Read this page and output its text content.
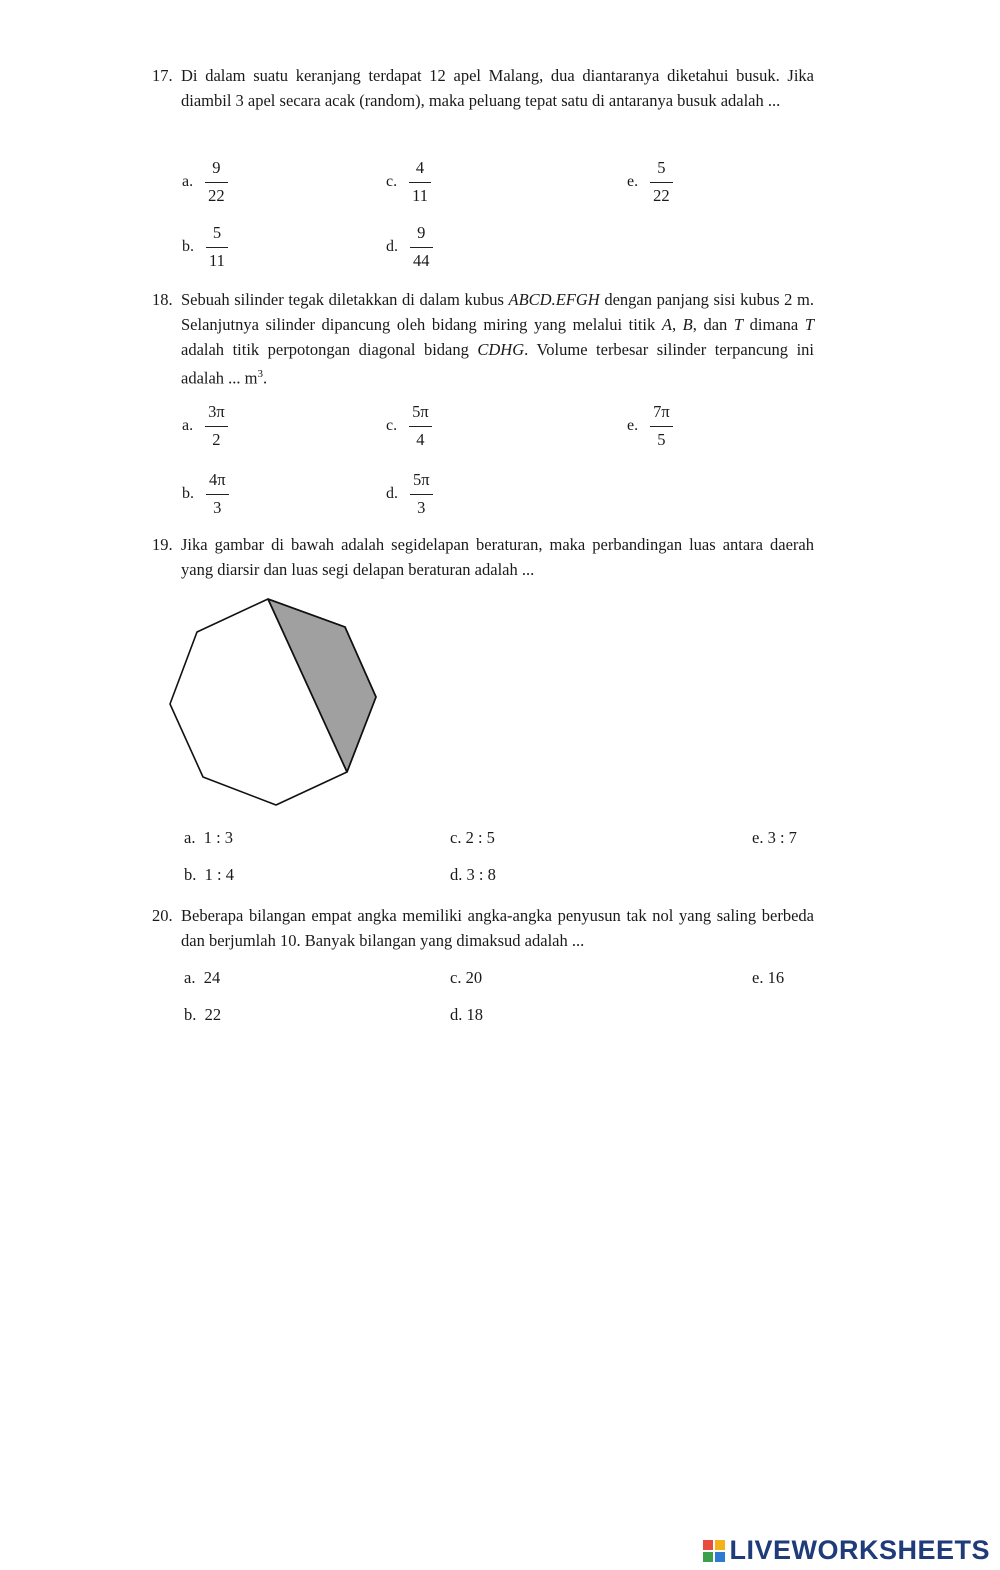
17. Di dalam suatu keranjang terdapat 12 apel Malang, dua diantaranya diketahui busuk. Jika diambil 3 apel secara acak (random), maka peluang tepat satu di antaranya busuk adalah ...
a. $\frac{9}{22}$
b. $\frac{5}{11}$
c. $\frac{4}{11}$
d. $\frac{9}{44}$
e. $\frac{5}{22}$
18. Sebuah silinder tegak diletakkan di dalam kubus ABCD.EFGH dengan panjang sisi kubus 2 m. Selanjutnya silinder dipancung oleh bidang miring yang melalui titik A, B, dan T dimana T adalah titik perpotongan diagonal bidang CDHG. Volume terbesar silinder terpancung ini adalah ... $m^3$.
a. $\frac{3\pi}{2}$
b. $\frac{4\pi}{3}$
c. $\frac{5\pi}{4}$
d. $\frac{5\pi}{3}$
e. $\frac{7\pi}{5}$
19. Jika gambar di bawah adalah segidelapan beraturan, maka perbandingan luas antara daerah yang diarsir dan luas segi delapan beraturan adalah ...
a. 1 : 3
b. 1 : 4
c. 2 : 5
d. 3 : 8
e. 3 : 7
20. Beberapa bilangan empat angka memiliki angka-angka penyusun tak nol yang saling berbeda dan berjumlah 10. Banyak bilangan yang dimaksud adalah ...
a. 24
b. 22
c. 20
d. 18
e. 16
LIVEWORKSHEETS
